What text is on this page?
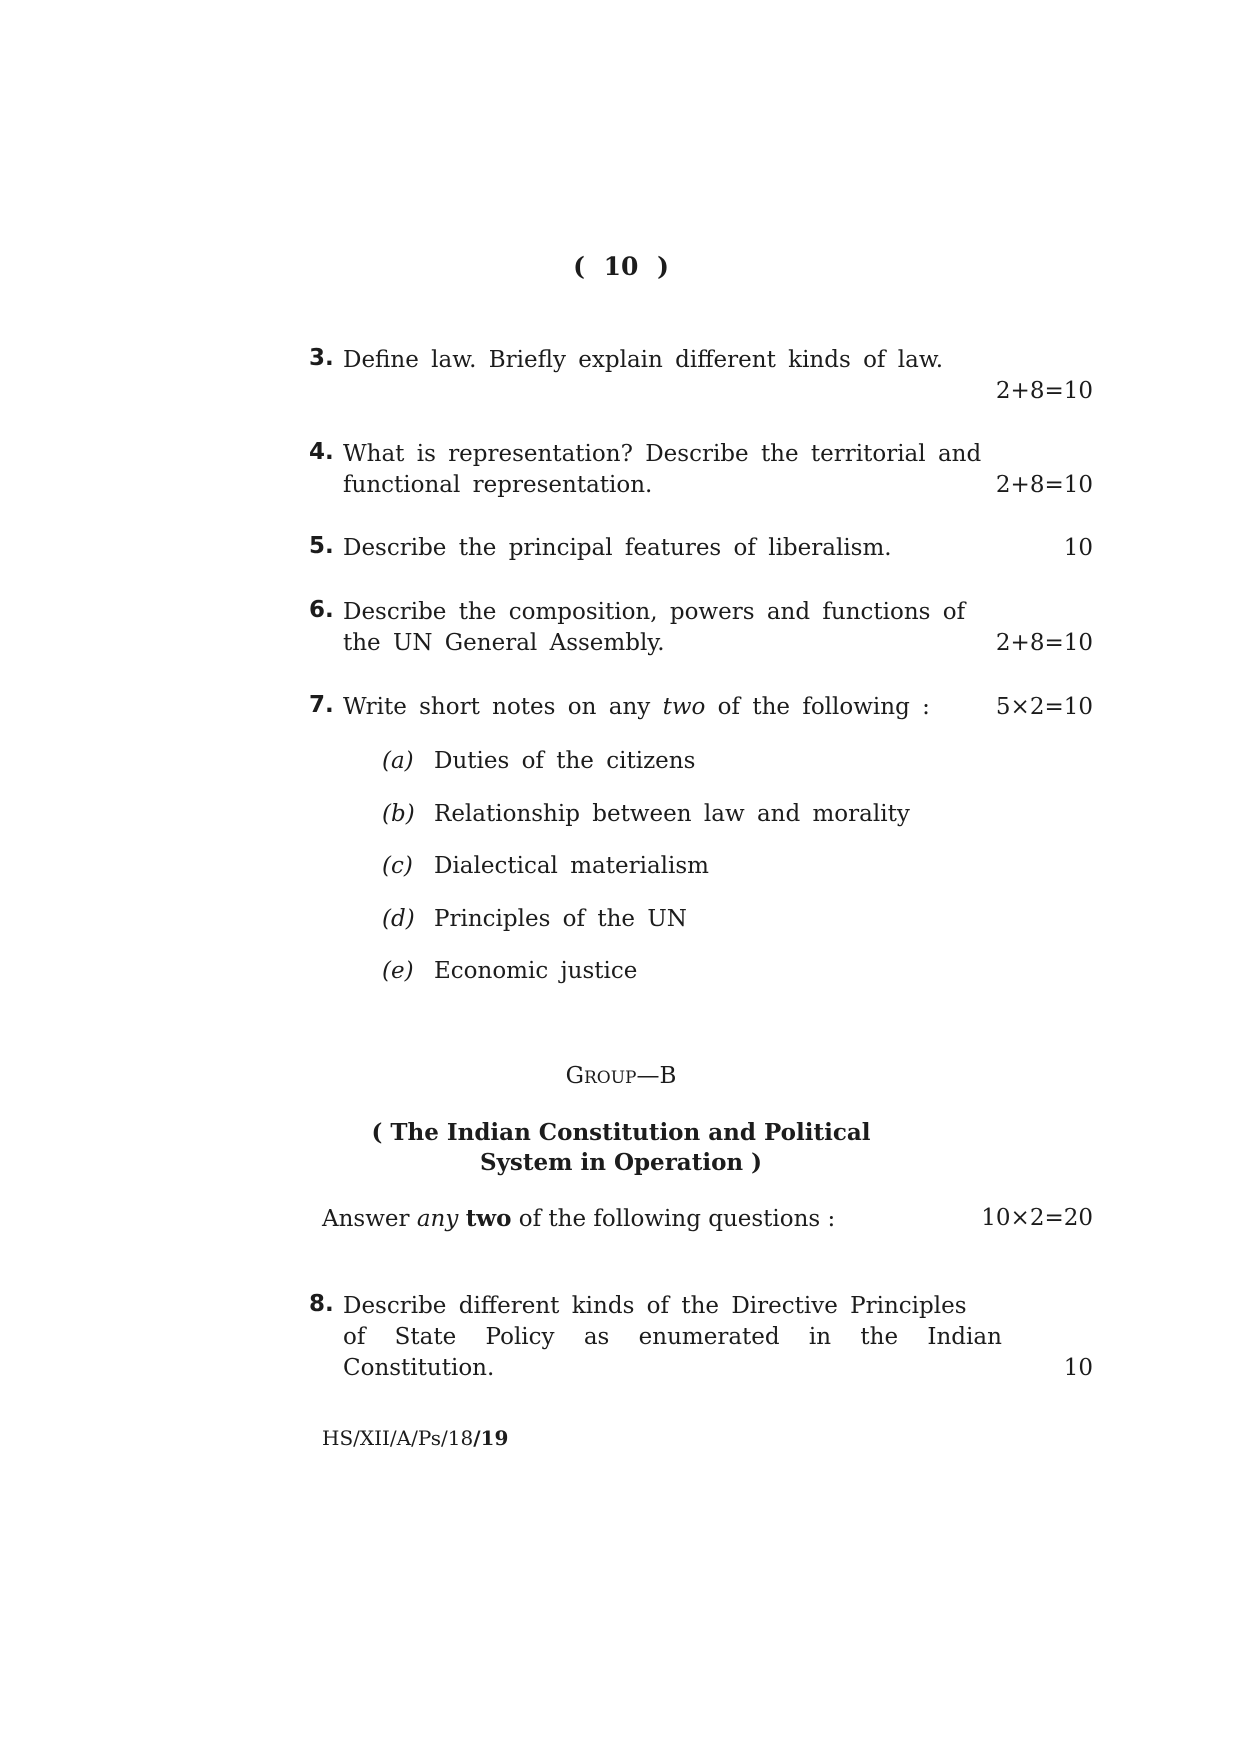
( 10 )
3. Define law. Briefly explain different kinds of law.
2+8=10
4. What is representation? Describe the territorial and
functional representation.	2+8=10
5. Describe the principal features of liberalism.	10
6. Describe the composition, powers and functions of
the UN General Assembly.	2+8=10
7. Write short notes on any two of the following :	5×2=10
(a) Duties of the citizens
(b) Relationship between law and morality
(c) Dialectical materialism
(d) Principles of the UN
(e) Economic justice
GROUP—B
( The Indian Constitution and Political
System in Operation )
Answer any two of the following questions :	10×2=20
8. Describe different kinds of the Directive Principles
of State Policy as enumerated in the Indian
Constitution.	10
HS/XII/A/Ps/18/19
